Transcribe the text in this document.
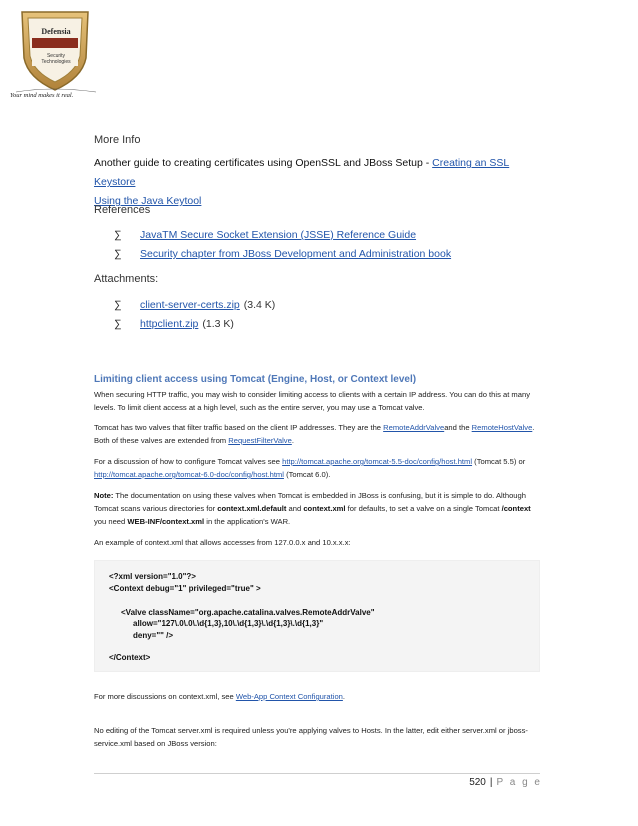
Defensia
Security
Technologies
Your mind makes it real.
More Info
Another guide to creating certificates using OpenSSL and JBoss Setup - Creating an SSL Keystore
Using the Java Keytool
References
∑	JavaTM Secure Socket Extension (JSSE) Reference Guide
∑	Security chapter from JBoss Development and Administration book
Attachments:
∑	client-server-certs.zip (3.4 K)
∑	httpclient.zip (1.3 K)
Limiting client access using Tomcat (Engine, Host, or Context level)
When securing HTTP traffic, you may wish to consider limiting access to clients with a certain IP address. You can do this at many levels. To limit client access at a high level, such as the entire server, you may use a Tomcat valve.
Tomcat has two valves that filter traffic based on the client IP addresses. They are the RemoteAddrValveand the RemoteHostValve. Both of these valves are extended from RequestFilterValve.
For a discussion of how to configure Tomcat valves see http://tomcat.apache.org/tomcat-5.5-doc/config/host.html (Tomcat 5.5) or http://tomcat.apache.org/tomcat-6.0-doc/config/host.html (Tomcat 6.0).
Note: The documentation on using these valves when Tomcat is embedded in JBoss is confusing, but it is simple to do. Although Tomcat scans various directories for context.xml.default and context.xml for defaults, to set a valve on a single Tomcat /context you need WEB-INF/context.xml in the application's WAR.
An example of context.xml that allows accesses from 127.0.0.x and 10.x.x.x:
<?xml version="1.0"?>
<Context debug="1" privileged="true" >
<Valve className="org.apache.catalina.valves.RemoteAddrValve"
allow="127\.0\.0\.\d{1,3},10\.\d{1,3}\.\d{1,3}\.\d{1,3}"
deny="" />
</Context>
For more discussions on context.xml, see Web-App Context Configuration.
No editing of the Tomcat server.xml is required unless you're applying valves to Hosts. In the latter, edit either server.xml or jboss-service.xml based on JBoss version:
520 | P a g e
